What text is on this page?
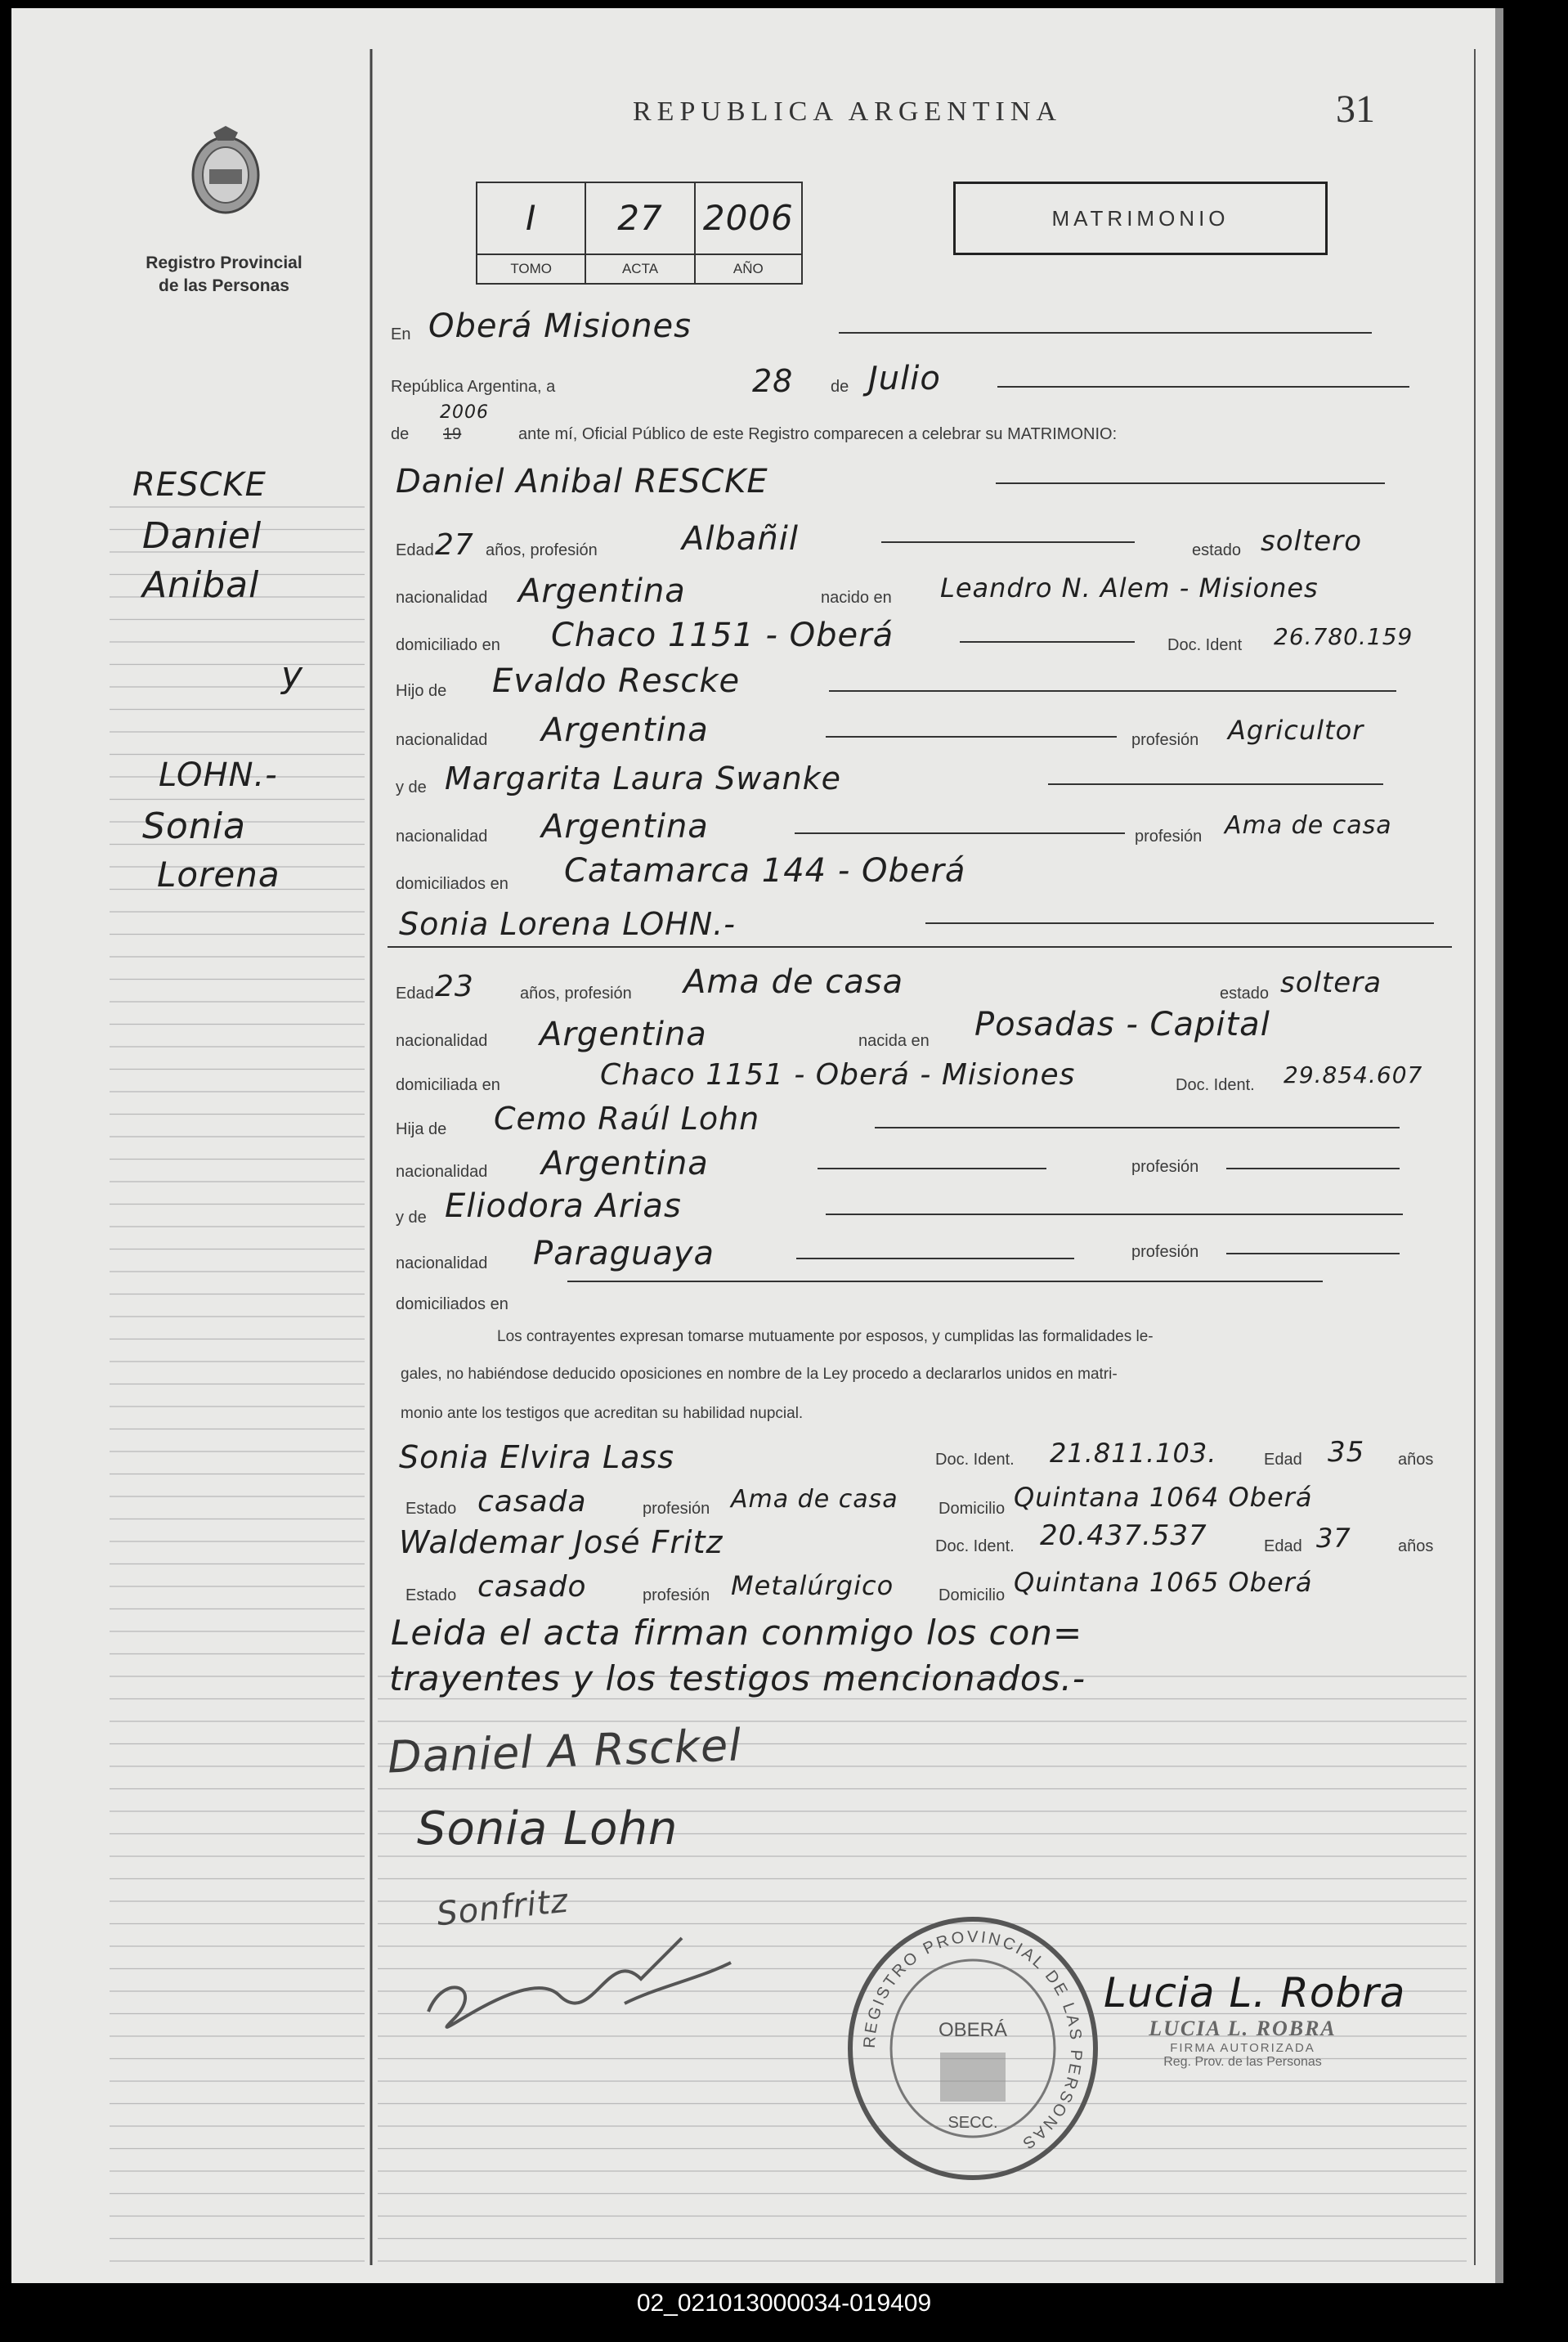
Registro Provincial
de las Personas
REPUBLICA ARGENTINA	31
I	27	2006
TOMO	ACTA	AÑO
MATRIMONIO
RESCKE
Daniel
Anibal
y
LOHN.-
Sonia
Lorena
En Oberá Misiones
República Argentina, a	28 de Julio
de
2006
19	ante mí, Oficial Público de este Registro comparecen a celebrar su MATRIMONIO:
Daniel Anibal RESCKE
Edad 27 años, profesión	Albañil	estado soltero
nacionalidad Argentina	nacido en Leandro N. Alem - Misiones
domiciliado en Chaco 1151 - Oberá	Doc. Ident 26.780.159
Hijo de Evaldo Rescke
nacionalidad Argentina	profesión Agricultor
y de Margarita Laura Swanke
nacionalidad Argentina	profesión Ama de casa
domiciliados en Catamarca 144 - Oberá
Sonia Lorena LOHN.-
Edad 23	años, profesión Ama de casa	estado soltera
nacionalidad Argentina	nacida en Posadas - Capital
domiciliada en	Chaco 1151 - Oberá - Misiones	Doc. Ident. 29.854.607
Hija de Cemo Raúl Lohn
nacionalidad Argentina	profesión
y de Eliodora Arias
nacionalidad Paraguaya	profesión
domiciliados en
Los contrayentes expresan tomarse mutuamente por esposos, y cumplidas las formalidades le-
gales, no habiéndose deducido oposiciones en nombre de la Ley procedo a declararlos unidos en matri-
monio ante los testigos que acreditan su habilidad nupcial.
Sonia Elvira Lass	Doc. Ident. 21.811.103.	Edad 35 años
Estado casada	profesión Ama de casa Domicilio Quintana 1064 Oberá
Waldemar José Fritz	Doc. Ident. 20.437.537	Edad 37	años
Estado casado	profesión Metalúrgico	Domicilio Quintana 1065 Oberá
Leida el acta firman conmigo los con=
trayentes y los testigos mencionados.-
Daniel A Rsckel
Sonia Lohn
Sonfritz
REGISTRO PROVINCIAL DE LAS PERSONAS
OBERÁ
SECC.
Lucia L. Robra
LUCIA L. ROBRA
FIRMA AUTORIZADA
Reg. Prov. de las Personas
02_021013000034-019409
